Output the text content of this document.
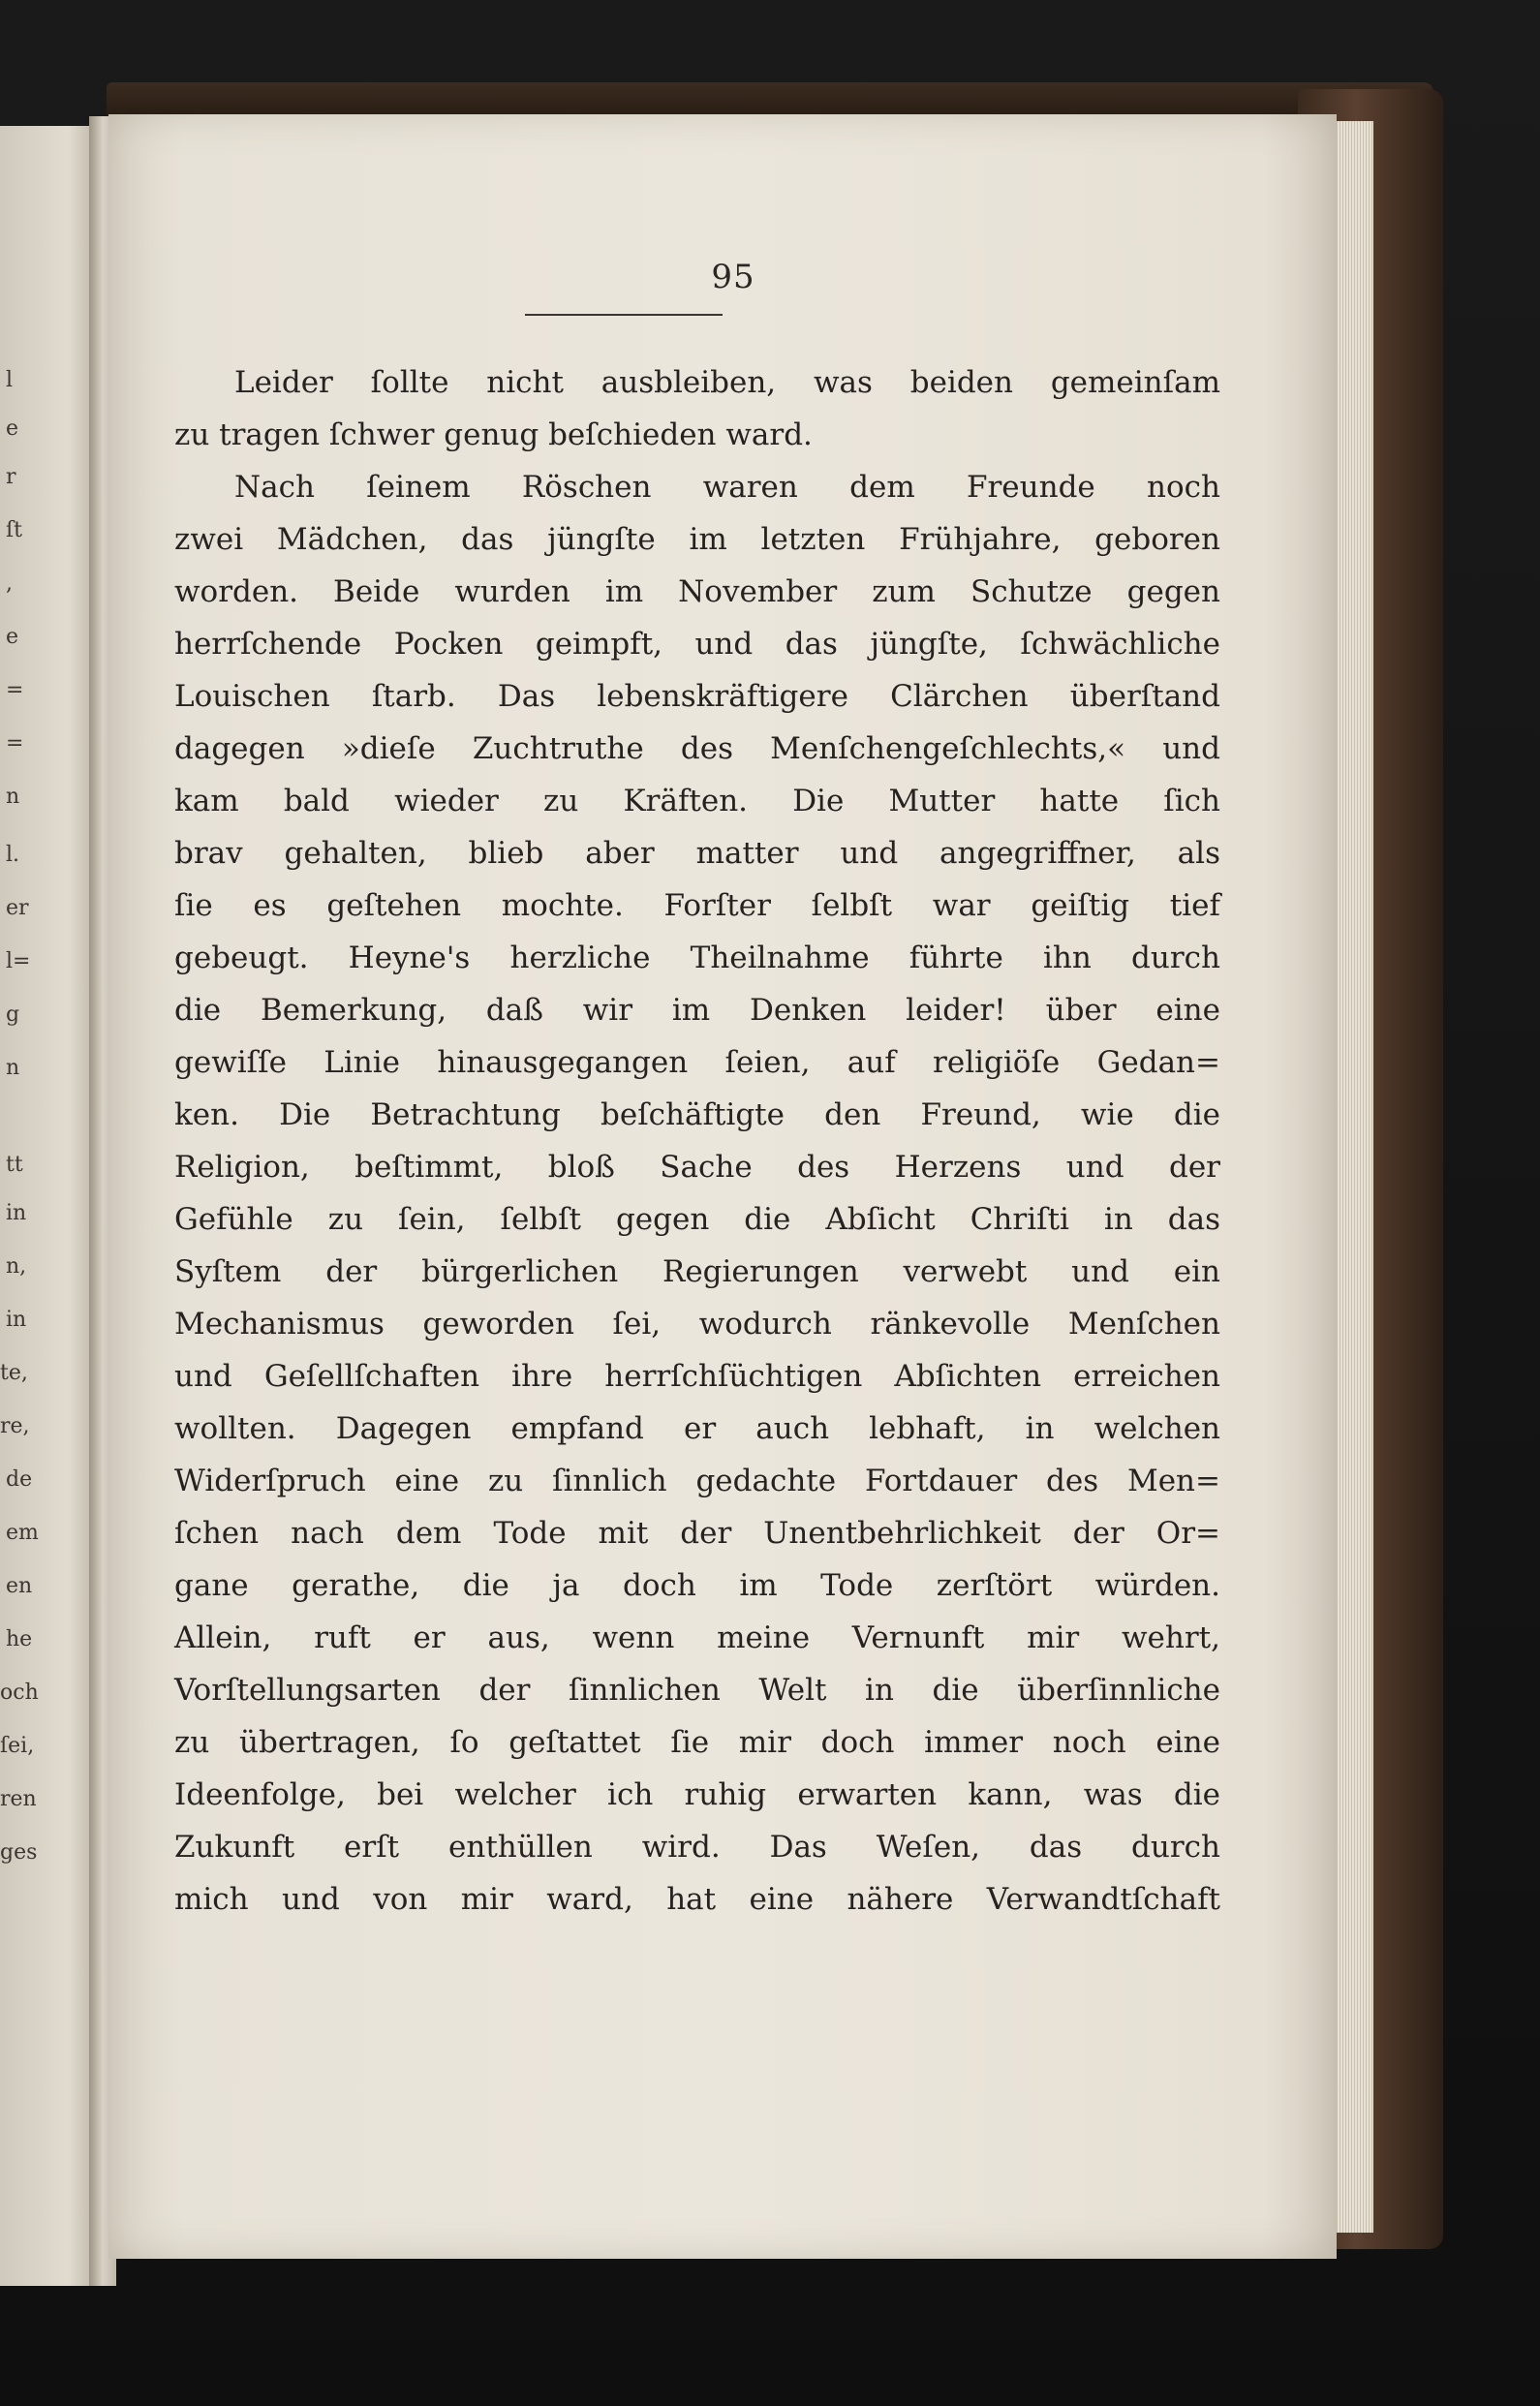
l
e
r
ſt
,
e
=
=
n
l.
er
l=
g
n
tt
in
n,
in
te,
re,
de
em
en
he
och
ſei,
ren
ges
95
Leider ſollte nicht ausbleiben, was beiden gemeinſam
zu tragen ſchwer genug beſchieden ward.
Nach ſeinem Röschen waren dem Freunde noch
zwei Mädchen, das jüngſte im letzten Frühjahre, geboren
worden. Beide wurden im November zum Schutze gegen
herrſchende Pocken geimpft, und das jüngſte, ſchwächliche
Louischen ſtarb. Das lebenskräftigere Clärchen überſtand
dagegen »dieſe Zuchtruthe des Menſchengeſchlechts,« und
kam bald wieder zu Kräften. Die Mutter hatte ſich
brav gehalten, blieb aber matter und angegriffner, als
ſie es geſtehen mochte. Forſter ſelbſt war geiſtig tief
gebeugt. Heyne's herzliche Theilnahme führte ihn durch
die Bemerkung, daß wir im Denken leider! über eine
gewiſſe Linie hinausgegangen ſeien, auf religiöſe Gedan=
ken. Die Betrachtung beſchäftigte den Freund, wie die
Religion, beſtimmt, bloß Sache des Herzens und der
Gefühle zu ſein, ſelbſt gegen die Abſicht Chriſti in das
Syſtem der bürgerlichen Regierungen verwebt und ein
Mechanismus geworden ſei, wodurch ränkevolle Menſchen
und Geſellſchaften ihre herrſchſüchtigen Abſichten erreichen
wollten. Dagegen empfand er auch lebhaft, in welchen
Widerſpruch eine zu ſinnlich gedachte Fortdauer des Men=
ſchen nach dem Tode mit der Unentbehrlichkeit der Or=
gane gerathe, die ja doch im Tode zerſtört würden.
Allein, ruft er aus, wenn meine Vernunft mir wehrt,
Vorſtellungsarten der ſinnlichen Welt in die überſinnliche
zu übertragen, ſo geſtattet ſie mir doch immer noch eine
Ideenfolge, bei welcher ich ruhig erwarten kann, was die
Zukunft erſt enthüllen wird. Das Weſen, das durch
mich und von mir ward, hat eine nähere Verwandtſchaft
